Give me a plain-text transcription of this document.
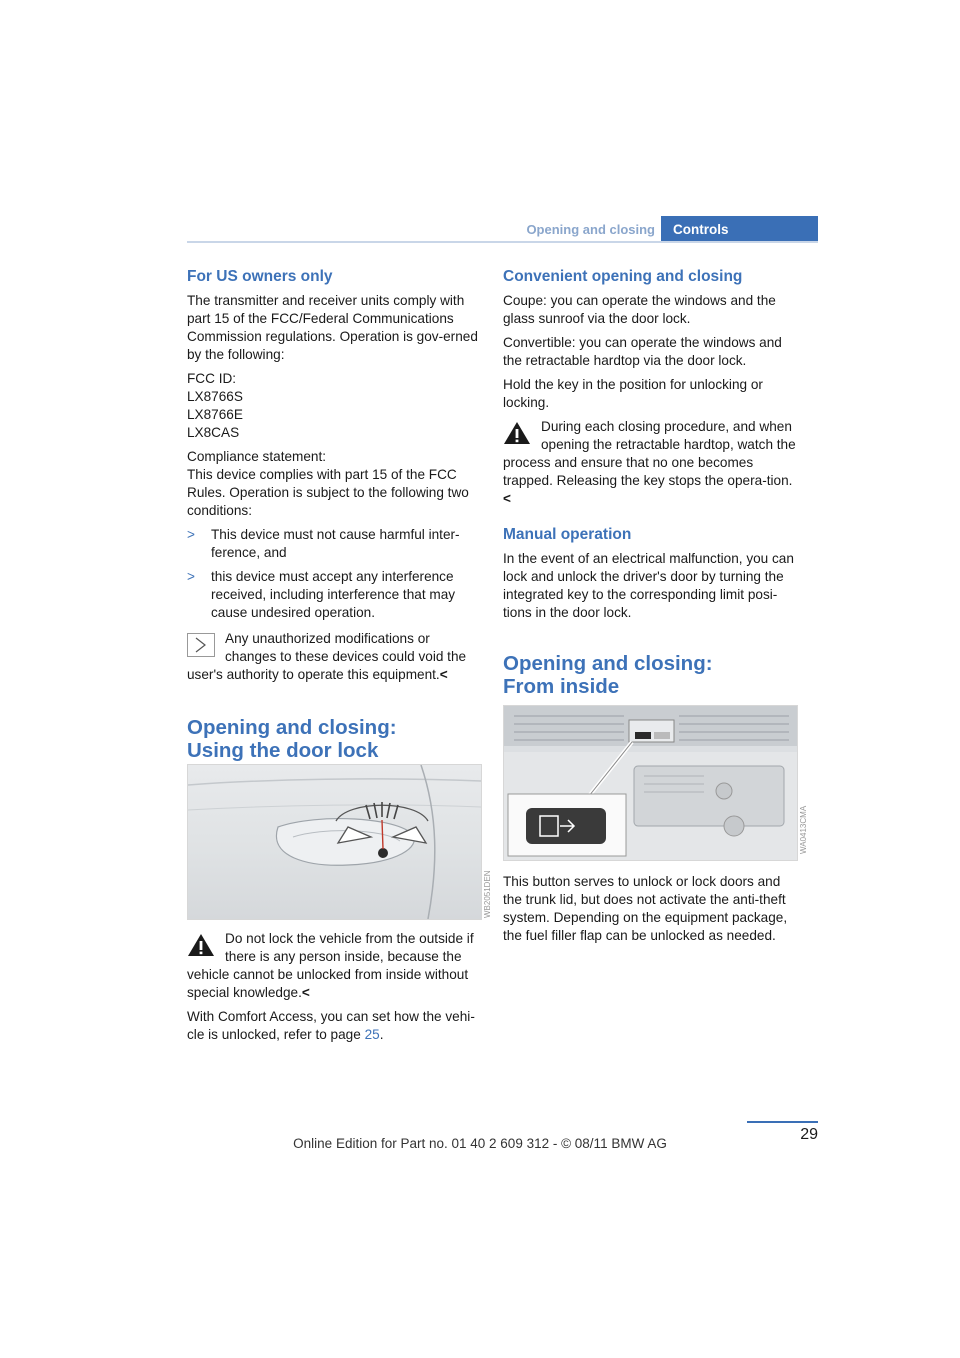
Opening and closing	Controls
For US owners only

The transmitter and receiver units comply with part 15 of the FCC/Federal Communications Commission regulations. Operation is gov-erned by the following:

FCC ID:
LX8766S
LX8766E
LX8CAS

Compliance statement:
This device complies with part 15 of the FCC Rules. Operation is subject to the following two conditions:

> This device must not cause harmful inter-ference, and
> this device must accept any interference received, including interference that may cause undesired operation.
Any unauthorized modifications or changes to these devices could void the user's authority to operate this equipment.<
Opening and closing:
Using the door lock
WB2051DEN
Do not lock the vehicle from the outside if there is any person inside, because the vehicle cannot be unlocked from inside without special knowledge.<

With Comfort Access, you can set how the vehi-cle is unlocked, refer to page 25.

Convenient opening and closing

Coupe: you can operate the windows and the glass sunroof via the door lock.

Convertible: you can operate the windows and the retractable hardtop via the door lock.

Hold the key in the position for unlocking or locking.

During each closing procedure, and when opening the retractable hardtop, watch the process and ensure that no one becomes trapped. Releasing the key stops the opera-tion.<
Manual operation

In the event of an electrical malfunction, you can lock and unlock the driver's door by turning the integrated key to the corresponding limit posi-tions in the door lock.

Opening and closing:
From inside
WA0413CMA

This button serves to unlock or lock doors and the trunk lid, but does not activate the anti-theft system. Depending on the equipment package, the fuel filler flap can be unlocked as needed.

29
Online Edition for Part no. 01 40 2 609 312 - © 08/11 BMW AG
